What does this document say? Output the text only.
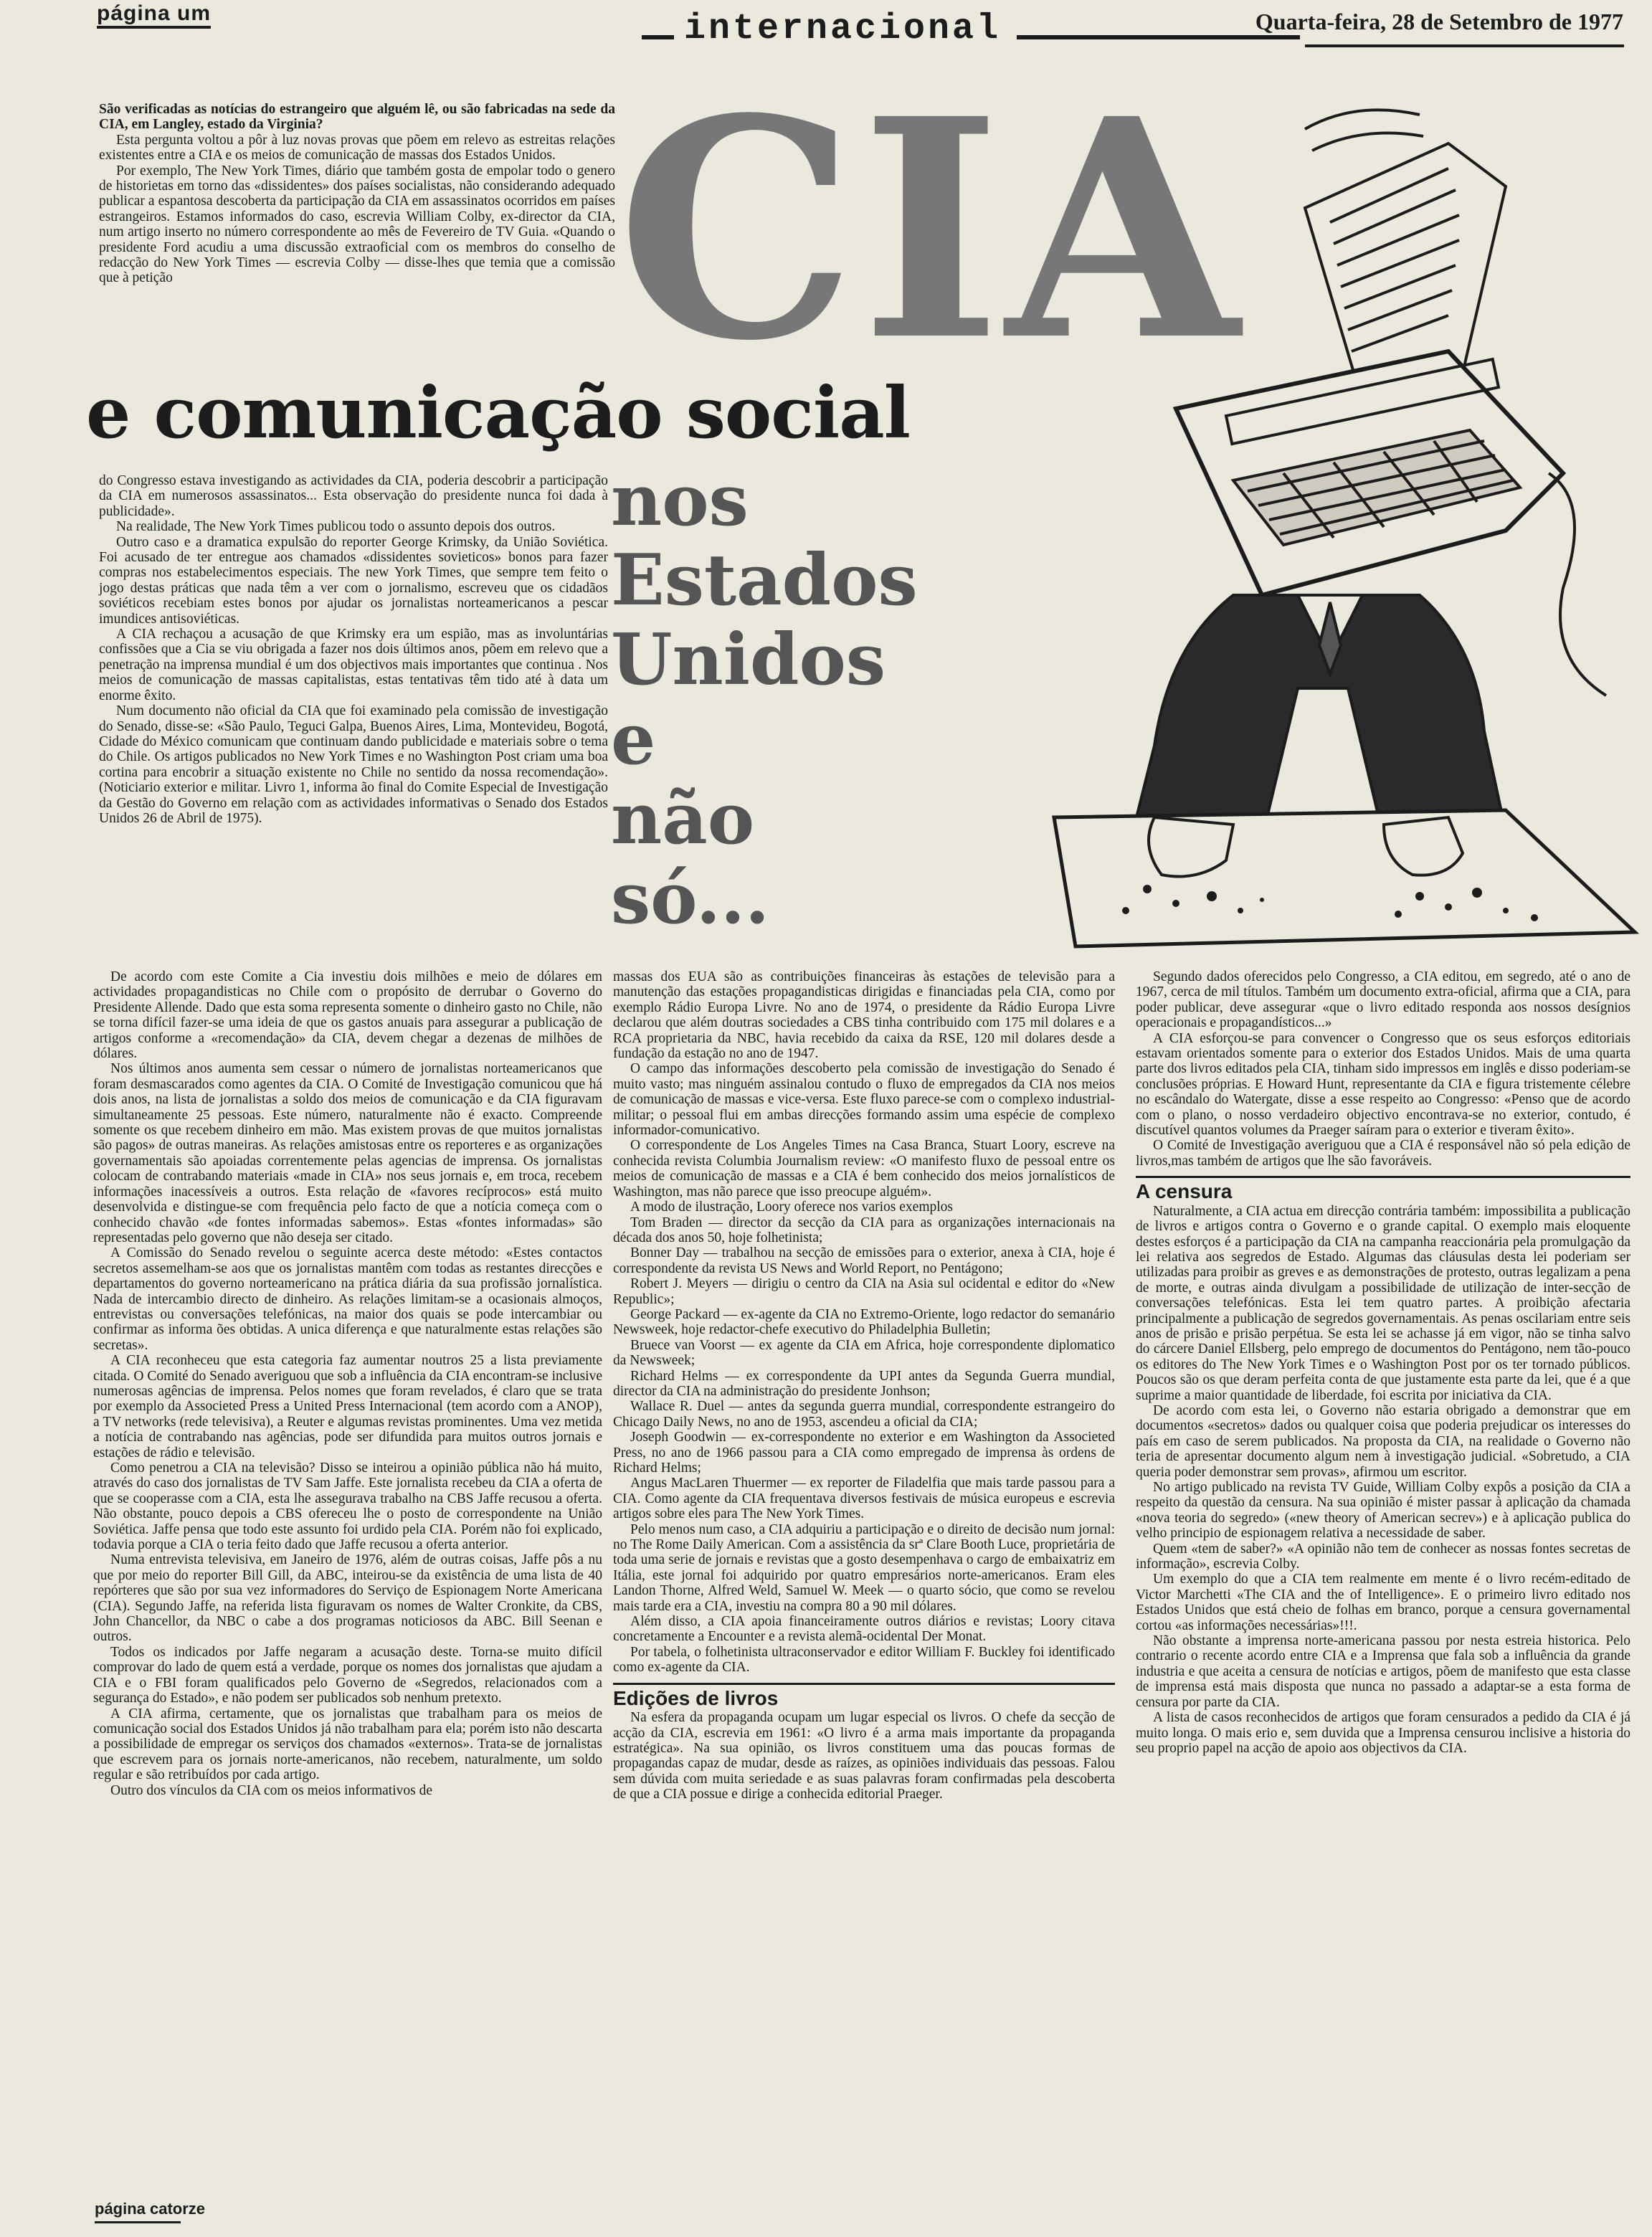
página um	internacional	Quarta-feira, 28 de Setembro de 1977
CIA
e comunicação social
nos
Estados
Unidos
e
não
só...

São verificadas as notícias do estrangeiro que alguém lê, ou são fabricadas na sede da CIA, em Langley, estado da Virginia?

Esta pergunta voltou a pôr à luz novas provas que põem em relevo as estreitas relações existentes entre a CIA e os meios de comunicação de massas dos Estados Unidos.

Por exemplo, The New York Times, diário que também gosta de empolar todo o genero de historietas em torno das «dissidentes» dos países socialistas, não considerando adequado publicar a espantosa descoberta da participação da CIA em assassinatos ocorridos em países estrangeiros. Estamos informados do caso, escrevia William Colby, ex-director da CIA, num artigo inserto no número correspondente ao mês de Fevereiro de TV Guia. «Quando o presidente Ford acudiu a uma discussão extraoficial com os membros do conselho de redacção do New York Times — escrevia Colby — disse-lhes que temia que a comissão que à petição

do Congresso estava investigando as actividades da CIA, poderia descobrir a participação da CIA em numerosos assassinatos... Esta observação do presidente nunca foi dada à publicidade».

Na realidade, The New York Times publicou todo o assunto depois dos outros.

Outro caso e a dramatica expulsão do reporter George Krimsky, da União Soviética. Foi acusado de ter entregue aos chamados «dissidentes sovieticos» bonos para fazer compras nos estabelecimentos especiais. The new York Times, que sempre tem feito o jogo destas práticas que nada têm a ver com o jornalismo, escreveu que os cidadãos soviéticos recebiam estes bonos por ajudar os jornalistas norteamericanos a pescar imundices antisoviéticas.

A CIA rechaçou a acusação de que Krimsky era um espião, mas as involuntárias confissões que a Cia se viu obrigada a fazer nos dois últimos anos, põem em relevo que a penetração na imprensa mundial é um dos objectivos mais importantes que continua . Nos meios de comunicação de massas capitalistas, estas tentativas têm tido até à data um enorme êxito.

Num documento não oficial da CIA que foi examinado pela comissão de investigação do Senado, disse-se: «São Paulo, Teguci Galpa, Buenos Aires, Lima, Montevideu, Bogotá, Cidade do México comunicam que continuam dando publicidade e materiais sobre o tema do Chile. Os artigos publicados no New York Times e no Washington Post criam uma boa cortina para encobrir a situação existente no Chile no sentido da nossa recomendação». (Noticiario exterior e militar. Livro 1, informa ão final do Comite Especial de Investigação da Gestão do Governo em relação com as actividades informativas o Senado dos Estados Unidos 26 de Abril de 1975).

De acordo com este Comite a Cia investiu dois milhões e meio de dólares em actividades propagandisticas no Chile com o propósito de derrubar o Governo do Presidente Allende. Dado que esta soma representa somente o dinheiro gasto no Chile, não se torna difícil fazer-se uma ideia de que os gastos anuais para assegurar a publicação de artigos conforme a «recomendação» da CIA, devem chegar a dezenas de milhões de dólares.

Nos últimos anos aumenta sem cessar o número de jornalistas norteamericanos que foram desmascarados como agentes da CIA. O Comité de Investigação comunicou que há dois anos, na lista de jornalistas a soldo dos meios de comunicação e da CIA figuravam simultaneamente 25 pessoas. Este número, naturalmente não é exacto. Compreende somente os que recebem dinheiro em mão. Mas existem provas de que muitos jornalistas são pagos» de outras maneiras. As relações amistosas entre os reporteres e as organizações governamentais são apoiadas correntemente pelas agencias de imprensa. Os jornalistas colocam de contrabando materiais «made in CIA» nos seus jornais e, em troca, recebem informações inacessíveis a outros. Esta relação de «favores recíprocos» está muito desenvolvida e distingue-se com frequência pelo facto de que a notícia começa com o conhecido chavão «de fontes informadas sabemos». Estas «fontes informadas» são representadas pelo governo que não deseja ser citado.

A Comissão do Senado revelou o seguinte acerca deste método: «Estes contactos secretos assemelham-se aos que os jornalistas mantêm com todas as restantes direcções e departamentos do governo norteamericano na prática diária da sua profissão jornalística. Nada de intercambio directo de dinheiro. As relações limitam-se a ocasionais almoços, entrevistas ou conversações telefónicas, na maior dos quais se pode intercambiar ou confirmar as informa ões obtidas. A unica diferença e que naturalmente estas relações são secretas».

A CIA reconheceu que esta categoria faz aumentar noutros 25 a lista previamente citada. O Comité do Senado averiguou que sob a influência da CIA encontram-se inclusive numerosas agências de imprensa. Pelos nomes que foram revelados, é claro que se trata por exemplo da Associeted Press a United Press Internacional (tem acordo com a ANOP), a TV networks (rede televisiva), a Reuter e algumas revistas prominentes. Uma vez metida a notícia de contrabando nas agências, pode ser difundida para muitos outros jornais e estações de rádio e televisão.

Como penetrou a CIA na televisão? Disso se inteirou a opinião pública não há muito, através do caso dos jornalistas de TV Sam Jaffe. Este jornalista recebeu da CIA a oferta de que se cooperasse com a CIA, esta lhe assegurava trabalho na CBS Jaffe recusou a oferta. Não obstante, pouco depois a CBS ofereceu lhe o posto de correspondente na União Soviética. Jaffe pensa que todo este assunto foi urdido pela CIA. Porém não foi explicado, todavia porque a CIA o teria feito dado que Jaffe recusou a oferta anterior.

Numa entrevista televisiva, em Janeiro de 1976, além de outras coisas, Jaffe pôs a nu que por meio do reporter Bill Gill, da ABC, inteirou-se da existência de uma lista de 40 repórteres que são por sua vez informadores do Serviço de Espionagem Norte Americana (CIA). Segundo Jaffe, na referida lista figuravam os nomes de Walter Cronkite, da CBS, John Chancellor, da NBC o cabe a dos programas noticiosos da ABC. Bill Seenan e outros.

Todos os indicados por Jaffe negaram a acusação deste. Torna-se muito difícil comprovar do lado de quem está a verdade, porque os nomes dos jornalistas que ajudam a CIA e o FBI foram qualificados pelo Governo de «Segredos, relacionados com a segurança do Estado», e não podem ser publicados sob nenhum pretexto.

A CIA afirma, certamente, que os jornalistas que trabalham para os meios de comunicação social dos Estados Unidos já não trabalham para ela; porém isto não descarta a possibilidade de empregar os serviços dos chamados «externos». Trata-se de jornalistas que escrevem para os jornais norte-americanos, não recebem, naturalmente, um soldo regular e são retribuídos por cada artigo.

Outro dos vínculos da CIA com os meios informativos de

massas dos EUA são as contribuições financeiras às estações de televisão para a manutenção das estações propagandisticas dirigidas e financiadas pela CIA, como por exemplo Rádio Europa Livre. No ano de 1974, o presidente da Rádio Europa Livre declarou que além doutras sociedades a CBS tinha contribuido com 175 mil dolares e a RCA proprietaria da NBC, havia recebido da caixa da RSE, 120 mil dolares desde a fundação da estação no ano de 1947.

O campo das informações descoberto pela comissão de investigação do Senado é muito vasto; mas ninguém assinalou contudo o fluxo de empregados da CIA nos meios de comunicação de massas e vice-versa. Este fluxo parece-se com o complexo industrial-militar; o pessoal flui em ambas direcções formando assim uma espécie de complexo informador-comunicativo.

O correspondente de Los Angeles Times na Casa Branca, Stuart Loory, escreve na conhecida revista Columbia Journalism review: «O manifesto fluxo de pessoal entre os meios de comunicação de massas e a CIA é bem conhecido dos meios jornalísticos de Washington, mas não parece que isso preocupe alguém».

A modo de ilustração, Loory oferece nos varios exemplos

Tom Braden — director da secção da CIA para as organizações internacionais na década dos anos 50, hoje folhetinista;

Bonner Day — trabalhou na secção de emissões para o exterior, anexa à CIA, hoje é correspondente da revista US News and World Report, no Pentágono;

Robert J. Meyers — dirigiu o centro da CIA na Asia sul ocidental e editor do «New Republic»;

George Packard — ex-agente da CIA no Extremo-Oriente, logo redactor do semanário Newsweek, hoje redactor-chefe executivo do Philadelphia Bulletin;

Bruece van Voorst — ex agente da CIA em Africa, hoje correspondente diplomatico da Newsweek;

Richard Helms — ex correspondente da UPI antes da Segunda Guerra mundial, director da CIA na administração do presidente Jonhson;

Wallace R. Duel — antes da segunda guerra mundial, correspondente estrangeiro do Chicago Daily News, no ano de 1953, ascendeu a oficial da CIA;

Joseph Goodwin — ex-correspondente no exterior e em Washington da Associeted Press, no ano de 1966 passou para a CIA como empregado de imprensa às ordens de Richard Helms;

Angus MacLaren Thuermer — ex reporter de Filadelfia que mais tarde passou para a CIA. Como agente da CIA frequentava diversos festivais de música europeus e escrevia artigos sobre eles para The New York Times.

Pelo menos num caso, a CIA adquiriu a participação e o direito de decisão num jornal: no The Rome Daily American. Com a assistência da srª Clare Booth Luce, proprietária de toda uma serie de jornais e revistas que a gosto desempenhava o cargo de embaixatriz em Itália, este jornal foi adquirido por quatro empresários norte-americanos. Eram eles Landon Thorne, Alfred Weld, Samuel W. Meek — o quarto sócio, que como se revelou mais tarde era a CIA, investiu na compra 80 a 90 mil dólares.

Além disso, a CIA apoia financeiramente outros diários e revistas; Loory citava concretamente a Encounter e a revista alemã-ocidental Der Monat.

Por tabela, o folhetinista ultraconservador e editor William F. Buckley foi identificado como ex-agente da CIA.

Edições de livros

Na esfera da propaganda ocupam um lugar especial os livros. O chefe da secção de acção da CIA, escrevia em 1961: «O livro é a arma mais importante da propaganda estratégica». Na sua opinião, os livros constituem uma das poucas formas de propagandas capaz de mudar, desde as raízes, as opiniões individuais das pessoas. Falou sem dúvida com muita seriedade e as suas palavras foram confirmadas pela descoberta de que a CIA possue e dirige a conhecida editorial Praeger.

Segundo dados oferecidos pelo Congresso, a CIA editou, em segredo, até o ano de 1967, cerca de mil títulos. Também um documento extra-oficial, afirma que a CIA, para poder publicar, deve assegurar «que o livro editado responda aos nossos desígnios operacionais e propagandísticos...»

A CIA esforçou-se para convencer o Congresso que os seus esforços editoriais estavam orientados somente para o exterior dos Estados Unidos. Mais de uma quarta parte dos livros editados pela CIA, tinham sido impressos em inglês e disso poderiam-se conclusões próprias. E Howard Hunt, representante da CIA e figura tristemente célebre no escândalo do Watergate, disse a esse respeito ao Congresso: «Penso que de acordo com o plano, o nosso verdadeiro objectivo encontrava-se no exterior, contudo, é discutível quantos volumes da Praeger saíram para o exterior e tiveram êxito».

O Comité de Investigação averiguou que a CIA é responsável não só pela edição de livros,mas também de artigos que lhe são favoráveis.

A censura

Naturalmente, a CIA actua em direcção contrária também: impossibilita a publicação de livros e artigos contra o Governo e o grande capital. O exemplo mais eloquente destes esforços é a participação da CIA na campanha reaccionária pela promulgação da lei relativa aos segredos de Estado. Algumas das cláusulas desta lei poderiam ser utilizadas para proibir as greves e as demonstrações de protesto, outras legalizam a pena de morte, e outras ainda divulgam a possibilidade de utilização de inter-secção de conversações telefónicas. Esta lei tem quatro partes. A proibição afectaria principalmente a publicação de segredos governamentais. As penas oscilariam entre seis anos de prisão e prisão perpétua. Se esta lei se achasse já em vigor, não se tinha salvo do cárcere Daniel Ellsberg, pelo emprego de documentos do Pentágono, nem tão-pouco os editores do The New York Times e o Washington Post por os ter tornado públicos. Poucos são os que deram perfeita conta de que justamente esta parte da lei, que é a que suprime a maior quantidade de liberdade, foi escrita por iniciativa da CIA.

De acordo com esta lei, o Governo não estaria obrigado a demonstrar que em documentos «secretos» dados ou qualquer coisa que poderia prejudicar os interesses do país em caso de serem publicados. Na proposta da CIA, na realidade o Governo não teria de apresentar documento algum nem à investigação judicial. «Sobretudo, a CIA queria poder demonstrar sem provas», afirmou um escritor.

No artigo publicado na revista TV Guide, William Colby expôs a posição da CIA a respeito da questão da censura. Na sua opinião é mister passar à aplicação da chamada «nova teoria do segredo» («new theory of American secrev») e à aplicação publica do velho principio de espionagem relativa a necessidade de saber.

Quem «tem de saber?» «A opinião não tem de conhecer as nossas fontes secretas de informação», escrevia Colby.

Um exemplo do que a CIA tem realmente em mente é o livro recém-editado de Victor Marchetti «The CIA and the of Intelligence». E o primeiro livro editado nos Estados Unidos que está cheio de folhas em branco, porque a censura governamental cortou «as informações necessárias»!!!.

Não obstante a imprensa norte-americana passou por nesta estreia historica. Pelo contrario o recente acordo entre CIA e a Imprensa que fala sob a influência da grande industria e que aceita a censura de notícias e artigos, põem de manifesto que esta classe de imprensa está mais disposta que nunca no passado a adaptar-se a esta forma de censura por parte da CIA.

A lista de casos reconhecidos de artigos que foram censurados a pedido da CIA é já muito longa. O mais erio e, sem duvida que a Imprensa censurou inclisive a historia do seu proprio papel na acção de apoio aos objectivos da CIA.

página catorze
